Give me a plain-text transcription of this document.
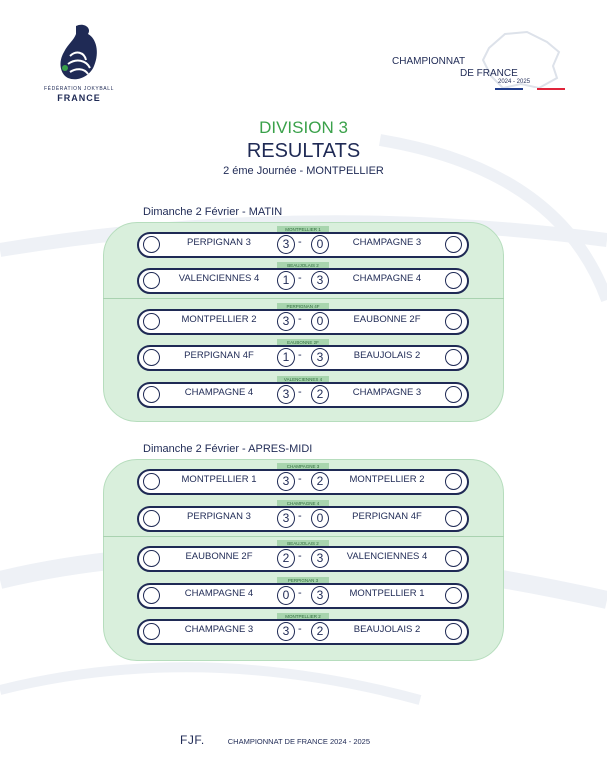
FÉDÉRATION JOKYBALL
FRANCE
CHAMPIONNAT
DE FRANCE
2024 - 2025
DIVISION 3
RESULTATS
2 éme Journée - MONTPELLIER
Dimanche 2 Février - MATIN
MONTPELLIER 1
PERPIGNAN 3	3 -	0	CHAMPAGNE 3
BEAUJOLAIS 2
VALENCIENNES 4	1 -	3	CHAMPAGNE 4
PERPIGNAN 4F
MONTPELLIER 2	3 -	0	EAUBONNE 2F
EAUBONNE 2F
PERPIGNAN 4F	1 -	3	BEAUJOLAIS 2
VALENCIENNES 4
CHAMPAGNE 4	3 -	2	CHAMPAGNE 3
Dimanche 2 Février - APRES-MIDI
CHAMPAGNE 3
MONTPELLIER 1	3 -	2	MONTPELLIER 2
CHAMPAGNE 4
PERPIGNAN 3	3 -	0	PERPIGNAN 4F
BEAUJOLAIS 2
EAUBONNE 2F	2 -	3	VALENCIENNES 4
PERPIGNAN 3
CHAMPAGNE 4	0 -	3	MONTPELLIER 1
MONTPELLIER 2
CHAMPAGNE 3	3 -	2	BEAUJOLAIS 2
FJF.	CHAMPIONNAT DE FRANCE 2024 - 2025
